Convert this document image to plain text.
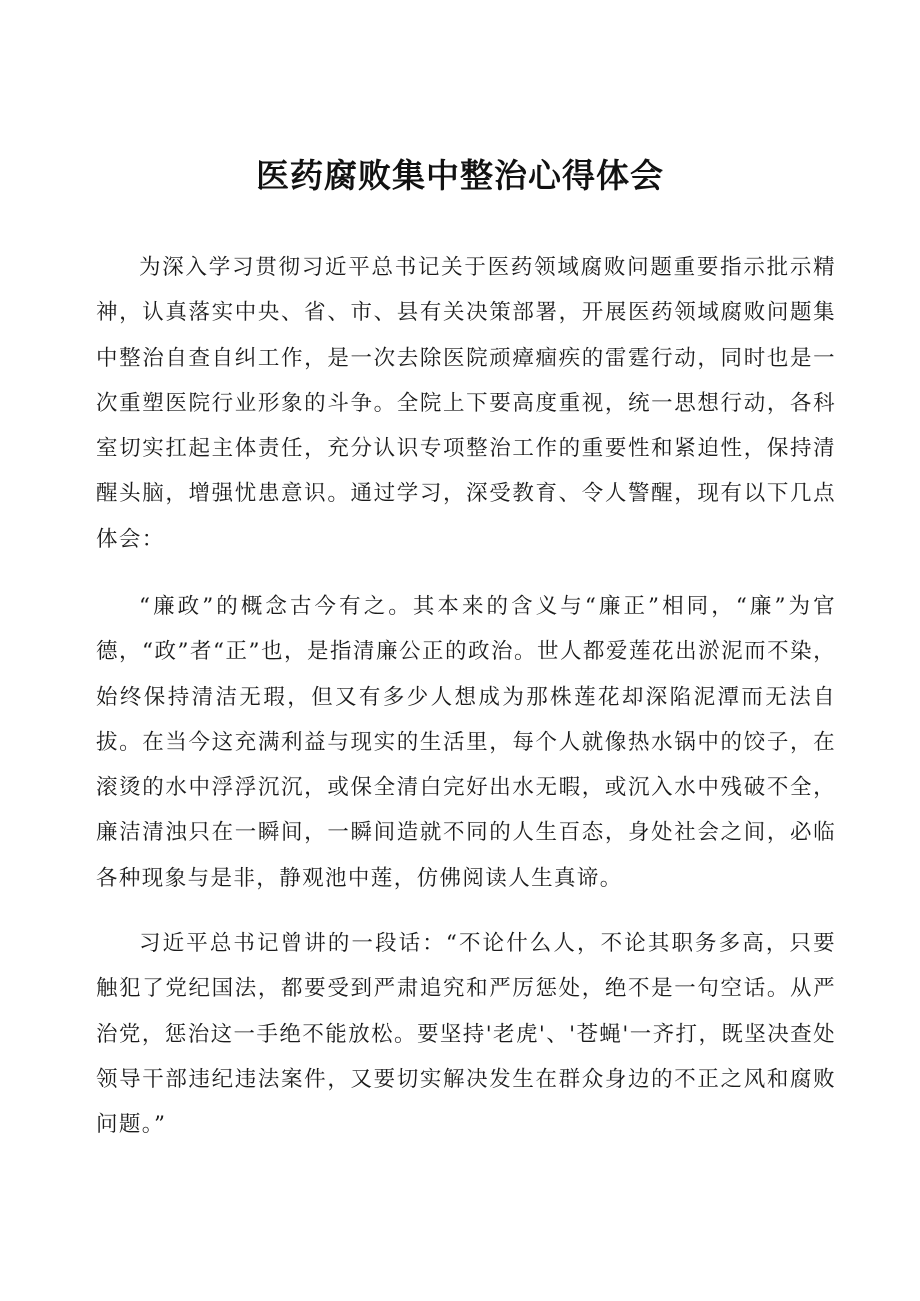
医药腐败集中整治心得体会

为深入学习贯彻习近平总书记关于医药领域腐败问题重要指示批示精神，认真落实中央、省、市、县有关决策部署，开展医药领域腐败问题集中整治自查自纠工作，是一次去除医院顽瘴痼疾的雷霆行动，同时也是一次重塑医院行业形象的斗争。全院上下要高度重视，统一思想行动，各科室切实扛起主体责任，充分认识专项整治工作的重要性和紧迫性，保持清醒头脑，增强忧患意识。通过学习，深受教育、令人警醒，现有以下几点体会：

“廉政”的概念古今有之。其本来的含义与“廉正”相同，“廉”为官德，“政”者“正”也，是指清廉公正的政治。世人都爱莲花出淤泥而不染，始终保持清洁无瑕，但又有多少人想成为那株莲花却深陷泥潭而无法自拔。在当今这充满利益与现实的生活里，每个人就像热水锅中的饺子，在滚烫的水中浮浮沉沉，或保全清白完好出水无暇，或沉入水中残破不全，廉洁清浊只在一瞬间，一瞬间造就不同的人生百态，身处社会之间，必临各种现象与是非，静观池中莲，仿佛阅读人生真谛。

习近平总书记曾讲的一段话：“不论什么人，不论其职务多高，只要触犯了党纪国法，都要受到严肃追究和严厉惩处，绝不是一句空话。从严治党，惩治这一手绝不能放松。要坚持'老虎'、'苍蝇'一齐打，既坚决查处领导干部违纪违法案件，又要切实解决发生在群众身边的不正之风和腐败问题。”
